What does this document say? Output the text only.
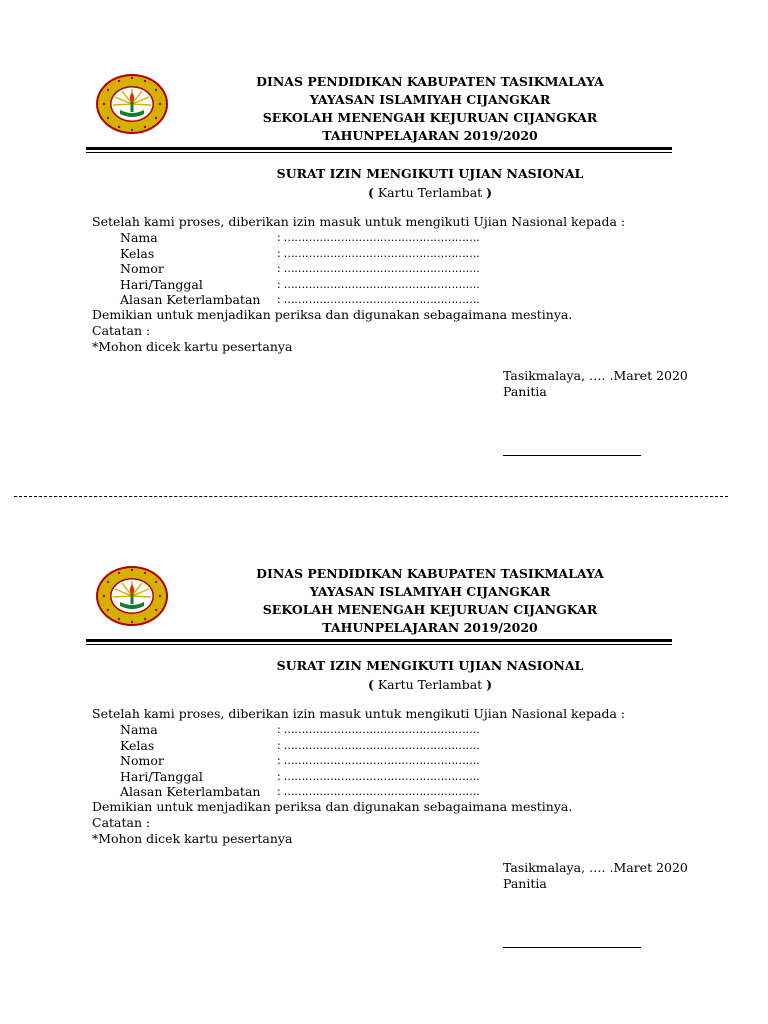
DINAS PENDIDIKAN KABUPATEN TASIKMALAYA
YAYASAN ISLAMIYAH CIJANGKAR
SEKOLAH MENENGAH KEJURUAN CIJANGKAR
TAHUNPELAJARAN 2019/2020
SURAT IZIN MENGIKUTI UJIAN NASIONAL
( Kartu Terlambat )
Setelah kami proses, diberikan izin masuk untuk mengikuti Ujian Nasional kepada :
Nama	: ……………………………………………….
Kelas	: ……………………………………………….
Nomor	: ……………………………………………….
Hari/Tanggal	: ……………………………………………….
Alasan Keterlambatan : ……………………………………………….
Demikian untuk menjadikan periksa dan digunakan sebagaimana mestinya.
Catatan :
*Mohon dicek kartu pesertanya
Tasikmalaya, …. .Maret 2020
Panitia
DINAS PENDIDIKAN KABUPATEN TASIKMALAYA
YAYASAN ISLAMIYAH CIJANGKAR
SEKOLAH MENENGAH KEJURUAN CIJANGKAR
TAHUNPELAJARAN 2019/2020
SURAT IZIN MENGIKUTI UJIAN NASIONAL
( Kartu Terlambat )
Setelah kami proses, diberikan izin masuk untuk mengikuti Ujian Nasional kepada :
Nama	: ……………………………………………….
Kelas	: ……………………………………………….
Nomor	: ……………………………………………….
Hari/Tanggal	: ……………………………………………….
Alasan Keterlambatan : ……………………………………………….
Demikian untuk menjadikan periksa dan digunakan sebagaimana mestinya.
Catatan :
*Mohon dicek kartu pesertanya
Tasikmalaya, …. .Maret 2020
Panitia
